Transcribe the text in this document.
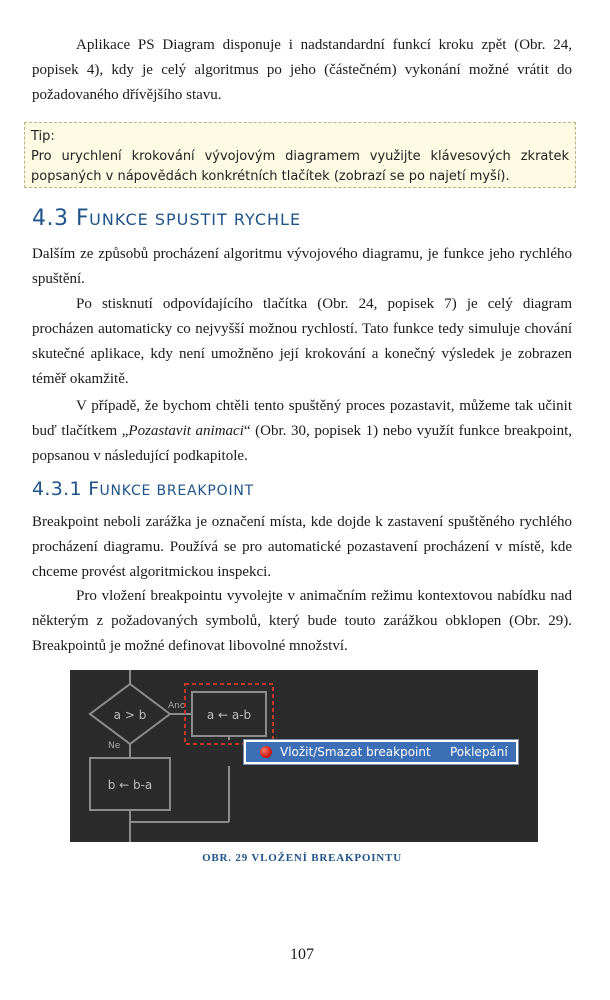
Aplikace PS Diagram disponuje i nadstandardní funkcí kroku zpět (Obr. 24, popisek 4), kdy je celý algoritmus po jeho (částečném) vykonání možné vrátit do požadovaného dřívějšího stavu.

Tip:
Pro urychlení krokování vývojovým diagramem využijte klávesových zkratek popsaných v nápovědách konkrétních tlačítek (zobrazí se po najetí myší).
4.3 FUNKCE SPUSTIT RYCHLE

Dalším ze způsobů procházení algoritmu vývojového diagramu, je funkce jeho rychlého spuštění.

Po stisknutí odpovídajícího tlačítka (Obr. 24, popisek 7) je celý diagram procházen automaticky co nejvyšší možnou rychlostí. Tato funkce tedy simuluje chování skutečné aplikace, kdy není umožněno její krokování a konečný výsledek je zobrazen téměř okamžitě.

V případě, že bychom chtěli tento spuštěný proces pozastavit, můžeme tak učinit buď tlačítkem „Pozastavit animaci“ (Obr. 30, popisek 1) nebo využít funkce breakpoint, popsanou v následující podkapitole.

4.3.1 FUNKCE BREAKPOINT

Breakpoint neboli zarážka je označení místa, kde dojde k zastavení spuštěného rychlého procházení diagramu. Používá se pro automatické pozastavení procházení v místě, kde chceme provést algoritmickou inspekci.

Pro vložení breakpointu vyvolejte v animačním režimu kontextovou nabídku nad některým z požadovaných symbolů, který bude touto zarážkou obklopen (Obr. 29). Breakpointů je možné definovat libovolné množství.

a > b
Ano
a ← a-b
Ne
b ← b-a
Vložit/Smazat breakpoint Poklepání
OBR. 29 VLOŽENÍ BREAKPOINTU
107
